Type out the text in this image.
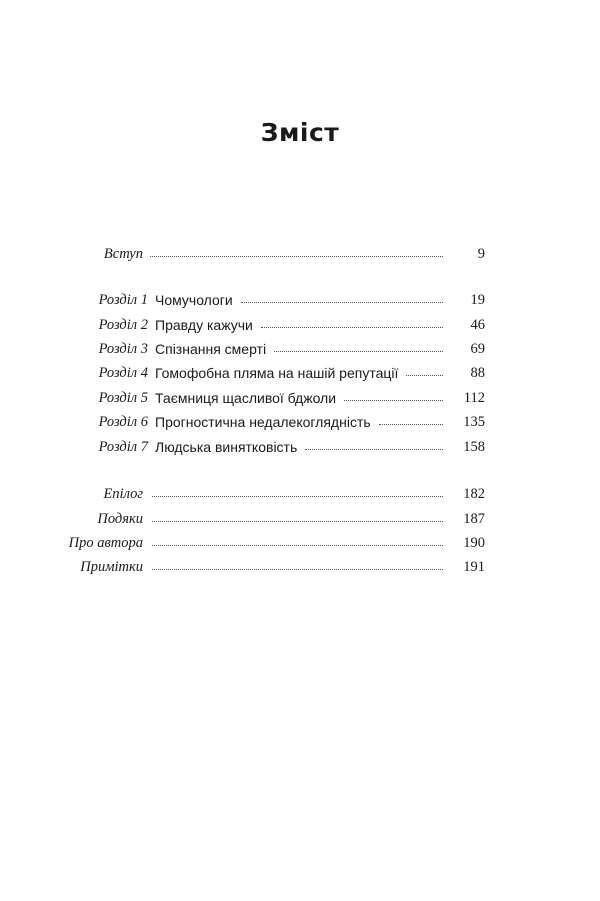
Зміст
Вступ	9
Розділ 1 Чомучологи	19
Розділ 2 Правду кажучи	46
Розділ 3 Спізнання смерті	69
Розділ 4 Гомофобна пляма на нашій репутації	88
Розділ 5 Таємниця щасливої бджоли	112
Розділ 6 Прогностична недалекоглядність	135
Розділ 7 Людська винятковість	158
Епілог	182
Подяки	187
Про автора	190
Примітки	191
